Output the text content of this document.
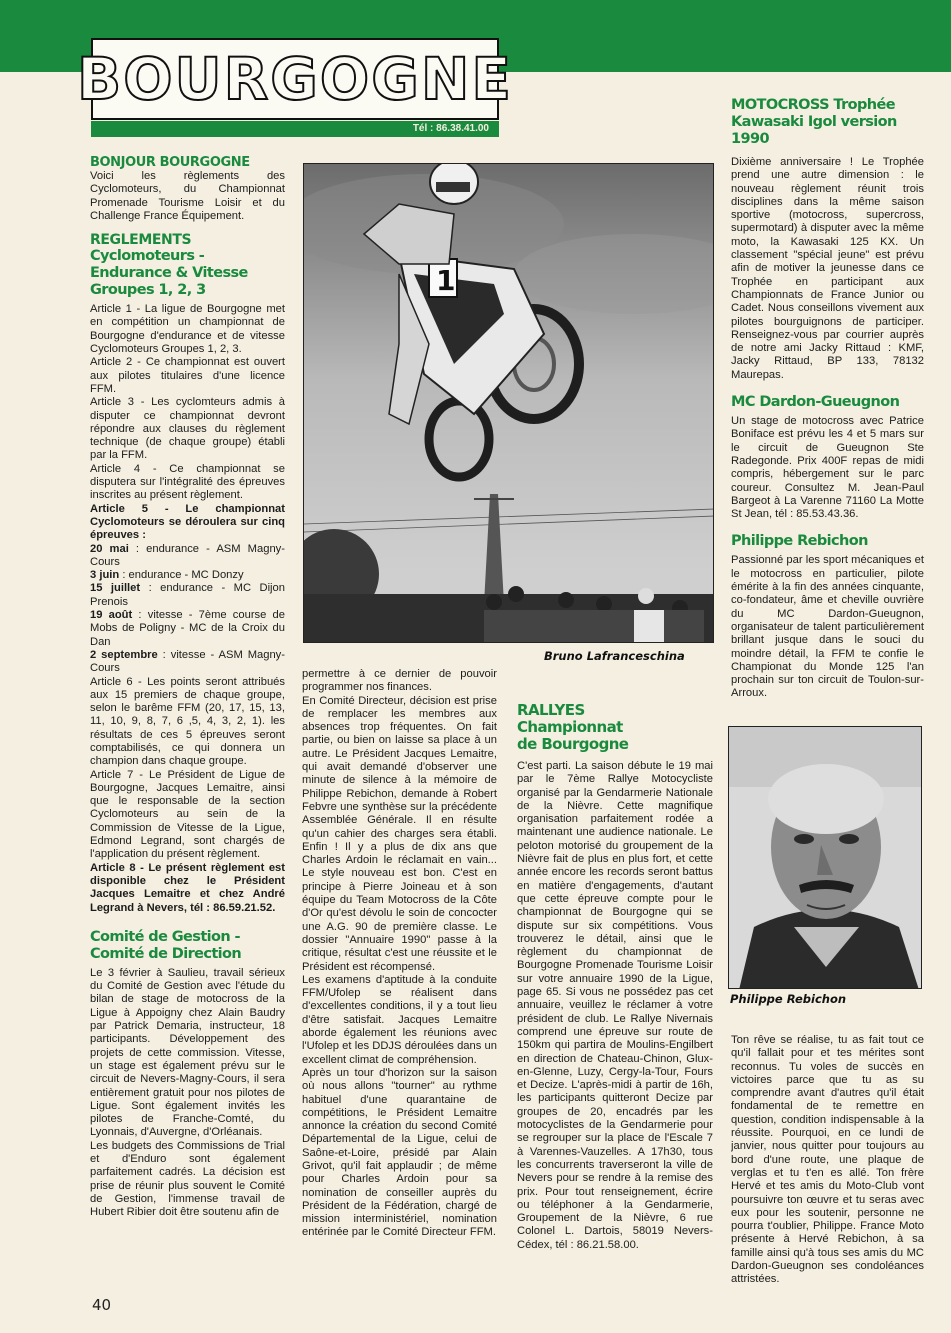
BOURGOGNE
Tél : 86.38.41.00
BONJOUR BOURGOGNE

Voici les règlements des Cyclomoteurs, du Championnat Promenade Tourisme Loisir et du Challenge France Équipement.

REGLEMENTS
Cyclomoteurs - Endurance & Vitesse Groupes 1, 2, 3

Article 1 - La ligue de Bourgogne met en compétition un championnat de Bourgogne d'endurance et de vitesse Cyclomoteurs Groupes 1, 2, 3.

Article 2 - Ce championnat est ouvert aux pilotes titulaires d'une licence FFM.

Article 3 - Les cyclomteurs admis à disputer ce championnat devront répondre aux clauses du règlement technique (de chaque groupe) établi par la FFM.

Article 4 - Ce championnat se disputera sur l'intégralité des épreuves inscrites au présent règlement.

Article 5 - Le championnat Cyclomoteurs se déroulera sur cinq épreuves :

20 mai : endurance - ASM Magny-Cours

3 juin : endurance - MC Donzy

15 juillet : endurance - MC Dijon Prenois

19 août : vitesse - 7ème course de Mobs de Poligny - MC de la Croix du Dan

2 septembre : vitesse - ASM Magny-Cours

Article 6 - Les points seront attribués aux 15 premiers de chaque groupe, selon le barême FFM (20, 17, 15, 13, 11, 10, 9, 8, 7, 6 ,5, 4, 3, 2, 1). les résultats de ces 5 épreuves seront comptabilisés, ce qui donnera un champion dans chaque groupe.

Article 7 - Le Président de Ligue de Bourgogne, Jacques Lemaitre, ainsi que le responsable de la section Cyclomoteurs au sein de la Commission de Vitesse de la Ligue, Edmond Legrand, sont chargés de l'application du présent règlement.

Article 8 - Le présent règlement est disponible chez le Président Jacques Lemaitre et chez André Legrand à Nevers, tél : 86.59.21.52.

Comité de Gestion - Comité de Direction

Le 3 février à Saulieu, travail sérieux du Comité de Gestion avec l'étude du bilan de stage de motocross de la Ligue à Appoigny chez Alain Baudry par Patrick Demaria, instructeur, 18 participants. Développement des projets de cette commission. Vitesse, un stage est également prévu sur le circuit de Nevers-Magny-Cours, il sera entièrement gratuit pour nos pilotes de Ligue. Sont également invités les pilotes de Franche-Comté, du Lyonnais, d'Auvergne, d'Orléanais.

Les budgets des Commissions de Trial et d'Enduro sont également parfaitement cadrés. La décision est prise de réunir plus souvent le Comité de Gestion, l'immense travail de Hubert Ribier doit être soutenu afin de

1
Bruno Lafranceschina

permettre à ce dernier de pouvoir programmer nos finances.

En Comité Directeur, décision est prise de remplacer les membres aux absences trop fréquentes. On fait partie, ou bien on laisse sa place à un autre. Le Président Jacques Lemaitre, qui avait demandé d'observer une minute de silence à la mémoire de Philippe Rebichon, demande à Robert Febvre une synthèse sur la précédente Assemblée Générale. Il en résulte qu'un cahier des charges sera établi. Enfin ! Il y a plus de dix ans que Charles Ardoin le réclamait en vain... Le style nouveau est bon. C'est en principe à Pierre Joineau et à son équipe du Team Motocross de la Côte d'Or qu'est dévolu le soin de concocter une A.G. 90 de première classe. Le dossier "Annuaire 1990" passe à la critique, résultat c'est une réussite et le Président est récompensé.

Les examens d'aptitude à la conduite FFM/Ufolep se réalisent dans d'excellentes conditions, il y a tout lieu d'être satisfait. Jacques Lemaitre aborde également les réunions avec l'Ufolep et les DDJS déroulées dans un excellent climat de compréhension.

Après un tour d'horizon sur la saison où nous allons "tourner" au rythme habituel d'une quarantaine de compétitions, le Président Lemaitre annonce la création du second Comité Départemental de la Ligue, celui de Saône-et-Loire, présidé par Alain Grivot, qu'il fait applaudir ; de même pour Charles Ardoin pour sa nomination de conseiller auprès du Président de la Fédération, chargé de mission interministériel, nomination entérinée par le Comité Directeur FFM.

RALLYES Championnat de Bourgogne

C'est parti. La saison débute le 19 mai par le 7ème Rallye Motocycliste organisé par la Gendarmerie Nationale de la Nièvre. Cette magnifique organisation parfaitement rodée a maintenant une audience nationale. Le peloton motorisé du groupement de la Nièvre fait de plus en plus fort, et cette année encore les records seront battus en matière d'engagements, d'autant que cette épreuve compte pour le championnat de Bourgogne qui se dispute sur six compétitions. Vous trouverez le détail, ainsi que le règlement du championnat de Bourgogne Promenade Tourisme Loisir sur votre annuaire 1990 de la Ligue, page 65. Si vous ne possédez pas cet annuaire, veuillez le réclamer à votre président de club. Le Rallye Nivernais comprend une épreuve sur route de 150km qui partira de Moulins-Engilbert en direction de Chateau-Chinon, Glux-en-Glenne, Luzy, Cergy-la-Tour, Fours et Decize. L'après-midi à partir de 16h, les participants quitteront Decize par groupes de 20, encadrés par les motocyclistes de la Gendarmerie pour se regrouper sur la place de l'Escale 7 à Varennes-Vauzelles. A 17h30, tous les concurrents traverseront la ville de Nevers pour se rendre à la remise des prix. Pour tout renseignement, écrire ou téléphoner à la Gendarmerie, Groupement de la Nièvre, 6 rue Colonel L. Dartois, 58019 Nevers-Cédex, tél : 86.21.58.00.

MOTOCROSS Trophée Kawasaki Igol version 1990

Dixième anniversaire ! Le Trophée prend une autre dimension : le nouveau règlement réunit trois disciplines dans la même saison sportive (motocross, supercross, supermotard) à disputer avec la même moto, la Kawasaki 125 KX. Un classement "spécial jeune" est prévu afin de motiver la jeunesse dans ce Trophée en participant aux Championnats de France Junior ou Cadet. Nous conseillons vivement aux pilotes bourguignons de participer. Renseignez-vous par courrier auprès de notre ami Jacky Rittaud : KMF, Jacky Rittaud, BP 133, 78132 Maurepas.

MC Dardon-Gueugnon

Un stage de motocross avec Patrice Boniface est prévu les 4 et 5 mars sur le circuit de Gueugnon Ste Radegonde. Prix 400F repas de midi compris, hébergement sur le parc coureur. Consultez M. Jean-Paul Bargeot à La Varenne 71160 La Motte St Jean, tél : 85.53.43.36.

Philippe Rebichon

Passionné par les sport mécaniques et le motocross en particulier, pilote émérite à la fin des années cinquante, co-fondateur, âme et cheville ouvrière du MC Dardon-Gueugnon, organisateur de talent particulièrement brillant jusque dans le souci du moindre détail, la FFM te confie le Championat du Monde 125 l'an prochain sur ton circuit de Toulon-sur-Arroux.

Philippe Rebichon

Ton rêve se réalise, tu as fait tout ce qu'il fallait pour et tes mérites sont reconnus. Tu voles de succès en victoires parce que tu as su comprendre avant d'autres qu'il était fondamental de te remettre en question, condition indispensable à la réussite. Pourquoi, en ce lundi de janvier, nous quitter pour toujours au bord d'une route, une plaque de verglas et tu t'en es allé. Ton frère Hervé et tes amis du Moto-Club vont poursuivre ton œuvre et tu seras avec eux pour les soutenir, personne ne pourra t'oublier, Philippe. France Moto présente à Hervé Rebichon, à sa famille ainsi qu'à tous ses amis du MC Dardon-Gueugnon ses condoléances attristées.

40
